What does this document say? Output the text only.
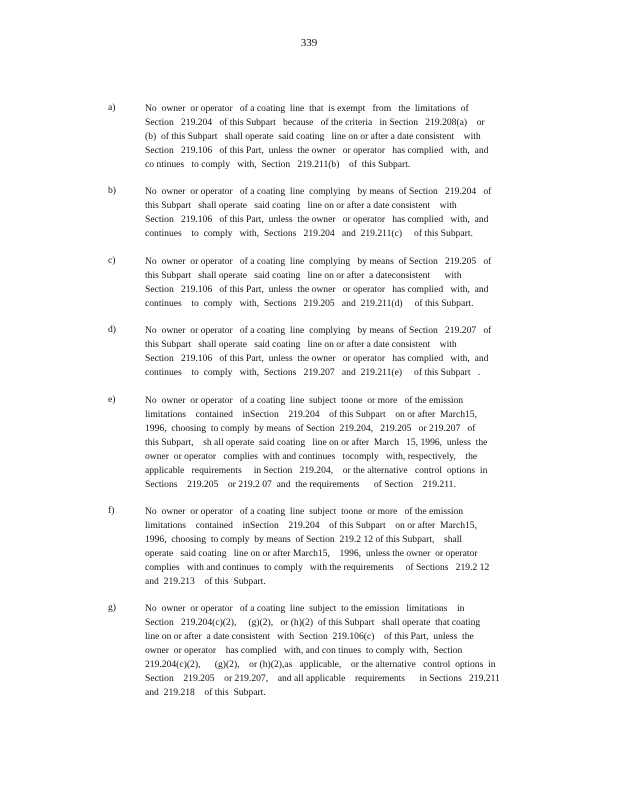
339
a)	No  owner  or operator   of a coating  line  that  is exempt   from   the  limitations  of
Section   219.204   of this Subpart   because   of the criteria   in Section   219.208(a)    or
(b)  of this Subpart   shall operate  said coating   line on or after a date consistent    with
Section   219.106   of this Part,  unless  the owner   or operator   has complied   with,  and
co ntinues   to comply   with,  Section   219.211(b)    of  this Subpart.
b)	No  owner  or operator   of a coating  line  complying   by means  of Section   219.204   of
this Subpart   shall operate   said coating   line on or after a date consistent    with
Section   219.106   of this Part,  unless  the owner   or operator   has complied   with,  and
continues    to  comply   with,  Sections   219.204   and  219.211(c)     of this Subpart.
c)	No  owner  or operator   of a coating  line  complying   by means  of Section   219.205   of
this Subpart   shall operate   said coating   line on or after  a dateconsistent      with
Section   219.106   of this Part,  unless  the owner   or operator   has complied   with,  and
continues    to  comply   with,  Sections   219.205   and  219.211(d)     of this Subpart.
d)	No  owner  or operator   of a coating  line  complying   by means  of Section   219.207   of
this Subpart   shall operate   said coating   line on or after a date consistent    with
Section   219.106   of this Part,  unless  the owner   or operator   has complied   with,  and
continues    to  comply   with,  Sections   219.207   and  219.211(e)     of this Subpart   .
e)	No  owner  or operator   of a coating  line  subject  toone  or more   of the emission
limitations    contained    inSection    219.204    of this Subpart    on or after  March15,
1996,  choosing  to comply  by means  of Section  219.204,   219.205   or 219.207   of
this Subpart,    sh all operate  said coating   line on or after  March   15, 1996,  unless  the
owner  or operator   complies  with and continues   tocomply   with, respectively,    the
applicable   requirements     in Section   219.204,    or the alternative   control  options  in
Sections    219.205    or 219.2 07  and  the requirements      of Section    219.211.
f)	No  owner  or operator   of a coating  line  subject  toone  or more   of the emission
limitations    contained    inSection    219.204    of this Subpart    on or after  March15,
1996,  choosing  to comply  by means  of Section  219.2 12 of this Subpart,    shall
operate   said coating   line on or after March15,    1996,  unless the owner  or operator
complies   with and continues  to comply   with the requirements     of Sections   219.2 12
and  219.213    of this  Subpart.
g)	No  owner  or operator   of a coating  line  subject  to the emission   limitations    in
Section   219.204(c)(2),     (g)(2),   or (h)(2)  of this Subpart   shall operate  that coating
line on or after  a date consistent   with  Section  219.106(c)    of this Part,  unless  the
owner  or operator    has complied   with, and con tinues  to comply  with,  Section
219.204(c)(2),      (g)(2),    or (h)(2),as   applicable,    or the alternative   control  options  in
Section    219.205    or 219.207,    and all applicable    requirements      in Sections   219.211
and  219.218    of this  Subpart.
